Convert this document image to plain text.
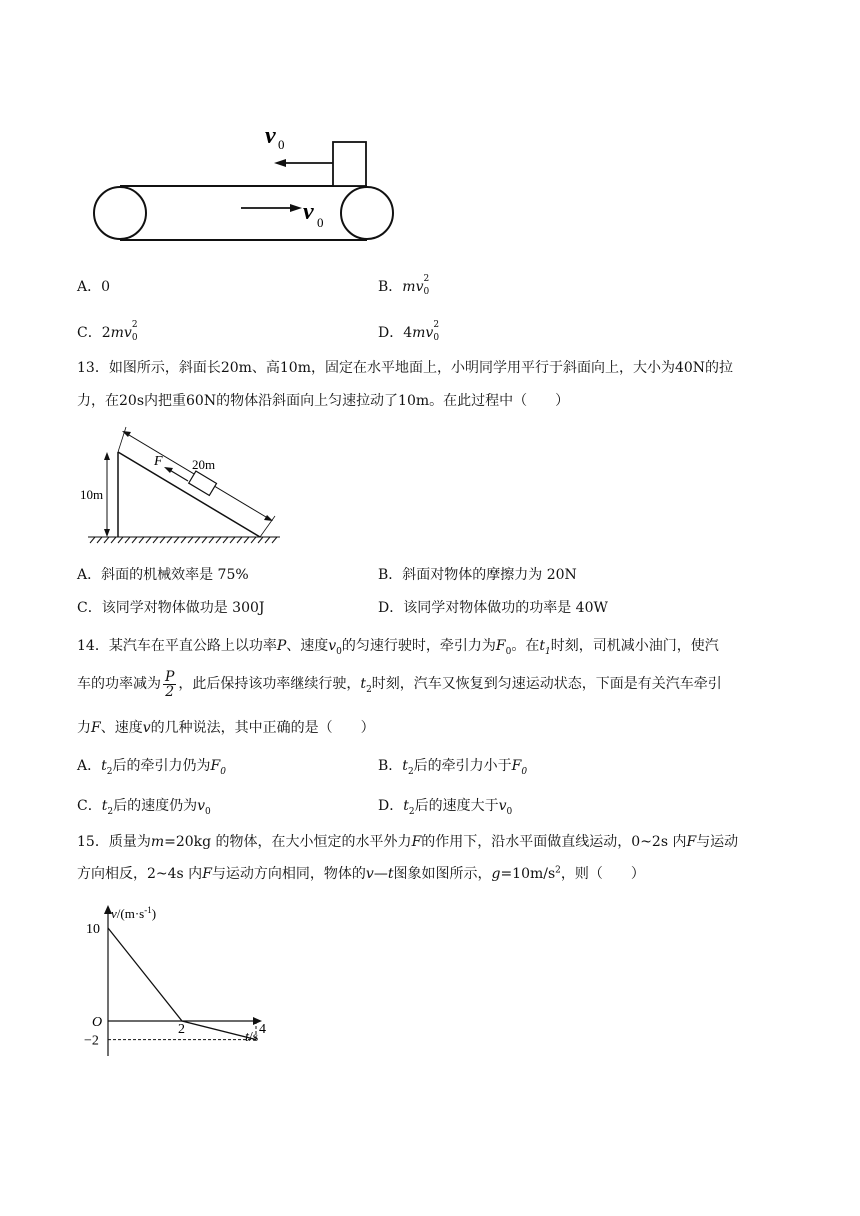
v 0
v 0
A．0	B．mv 2
0
C．2mv 2
0	D．4mv 2
0
13．如图所示，斜面长20m、高10m，固定在水平地面上，小明同学用平行于斜面向上，大小为40N的拉
力，在20s内把重60N的物体沿斜面向上匀速拉动了10m。在此过程中（　　）
10m
20m
F
A．斜面的机械效率是 75%	B．斜面对物体的摩擦力为 20N
C．该同学对物体做功是 300J	D．该同学对物体做功的功率是 40W
14．某汽车在平直公路上以功率P、速度$v_0$的匀速行驶时，牵引力为$F_0$。在$t_1$时刻，司机减小油门，使汽
车的功率减为 $\frac{P}{2}$ ，此后保持该功率继续行驶，$t_2$时刻，汽车又恢复到匀速运动状态，下面是有关汽车牵引
力F、速度v的几种说法，其中正确的是（　　）
A．$t_2$后的牵引力仍为$F_0$	B．$t_2$后的牵引力小于$F_0$
C．$t_2$后的速度仍为$v_0$	D．$t_2$后的速度大于$v_0$
15．质量为m=20kg 的物体，在大小恒定的水平外力F的作用下，沿水平面做直线运动，0~2s 内F与运动
方向相反，2~4s 内F与运动方向相同，物体的v—t图象如图所示，$g=10m/s^2$，则（　　）
$v/(m\cdot s^{-1})$
t/s
O
10
−2
2	4
